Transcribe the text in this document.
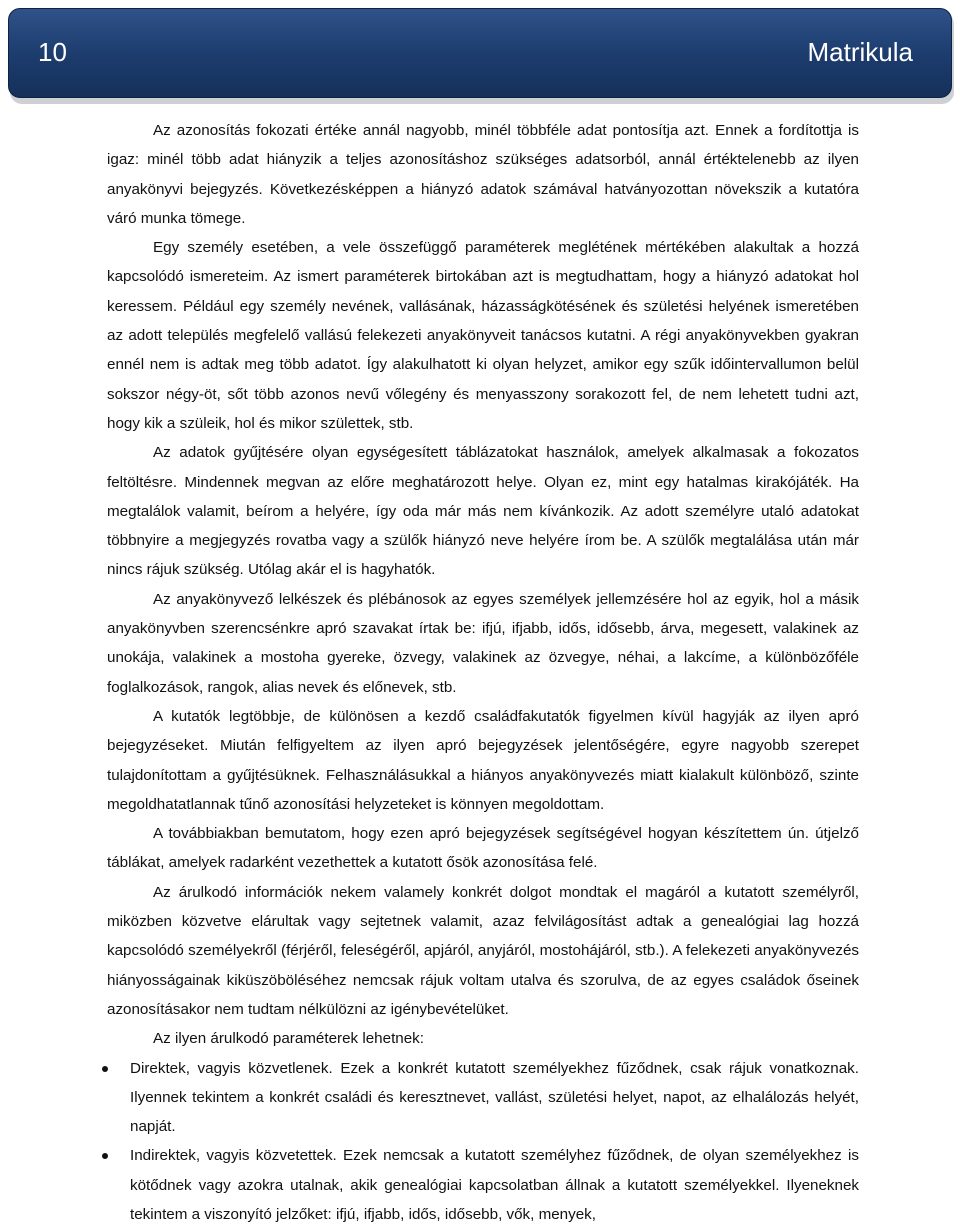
10	Matrikula

Az azonosítás fokozati értéke annál nagyobb, minél többféle adat pontosítja azt. Ennek a fordítottja is igaz: minél több adat hiányzik a teljes azonosításhoz szükséges adatsorból, annál értéktelenebb az ilyen anyakönyvi bejegyzés. Következésképpen a hiányzó adatok számával hatványozottan növekszik a kutatóra váró munka tömege.

Egy személy esetében, a vele összefüggő paraméterek meglétének mértékében alakultak a hozzá kapcsolódó ismereteim. Az ismert paraméterek birtokában azt is megtudhattam, hogy a hiányzó adatokat hol keressem. Például egy személy nevének, vallásának, házasságkötésének és születési helyének ismeretében az adott település megfelelő vallású felekezeti anyakönyveit tanácsos kutatni. A régi anyakönyvekben gyakran ennél nem is adtak meg több adatot. Így alakulhatott ki olyan helyzet, amikor egy szűk időintervallumon belül sokszor négy-öt, sőt több azonos nevű vőlegény és menyasszony sorakozott fel, de nem lehetett tudni azt, hogy kik a szüleik, hol és mikor születtek, stb.

Az adatok gyűjtésére olyan egységesített táblázatokat használok, amelyek alkalmasak a fokozatos feltöltésre. Mindennek megvan az előre meghatározott helye. Olyan ez, mint egy hatalmas kirakójáték. Ha megtalálok valamit, beírom a helyére, így oda már más nem kívánkozik. Az adott személyre utaló adatokat többnyire a megjegyzés rovatba vagy a szülők hiányzó neve helyére írom be. A szülők megtalálása után már nincs rájuk szükség. Utólag akár el is hagyhatók.

Az anyakönyvező lelkészek és plébánosok az egyes személyek jellemzésére hol az egyik, hol a másik anyakönyvben szerencsénkre apró szavakat írtak be: ifjú, ifjabb, idős, idősebb, árva, megesett, valakinek az unokája, valakinek a mostoha gyereke, özvegy, valakinek az özvegye, néhai, a lakcíme, a különbözőféle foglalkozások, rangok, alias nevek és előnevek, stb.

A kutatók legtöbbje, de különösen a kezdő családfakutatók figyelmen kívül hagyják az ilyen apró bejegyzéseket. Miután felfigyeltem az ilyen apró bejegyzések jelentőségére, egyre nagyobb szerepet tulajdonítottam a gyűjtésüknek. Felhasználásukkal a hiányos anyakönyvezés miatt kialakult különböző, szinte megoldhatatlannak tűnő azonosítási helyzeteket is könnyen megoldottam.

A továbbiakban bemutatom, hogy ezen apró bejegyzések segítségével hogyan készítettem ún. útjelző táblákat, amelyek radarként vezethettek a kutatott ősök azonosítása felé.

Az árulkodó információk nekem valamely konkrét dolgot mondtak el magáról a kutatott személyről, miközben közvetve elárultak vagy sejtetnek valamit, azaz felvilágosítást adtak a genealógiai lag hozzá kapcsolódó személyekről (férjéről, feleségéről, apjáról, anyjáról, mostohájáról, stb.). A felekezeti anyakönyvezés hiányosságainak kiküszöböléséhez nemcsak rájuk voltam utalva és szorulva, de az egyes családok őseinek azonosításakor nem tudtam nélkülözni az igénybevételüket.

Az ilyen árulkodó paraméterek lehetnek:

Direktek, vagyis közvetlenek. Ezek a konkrét kutatott személyekhez fűződnek, csak rájuk vonatkoznak. Ilyennek tekintem a konkrét családi és keresztnevet, vallást, születési helyet, napot, az elhalálozás helyét, napját.
Indirektek, vagyis közvetettek. Ezek nemcsak a kutatott személyhez fűződnek, de olyan személyekhez is kötődnek vagy azokra utalnak, akik genealógiai kapcsolatban állnak a kutatott személyekkel. Ilyeneknek tekintem a viszonyító jelzőket: ifjú, ifjabb, idős, idősebb, vők, menyek,
